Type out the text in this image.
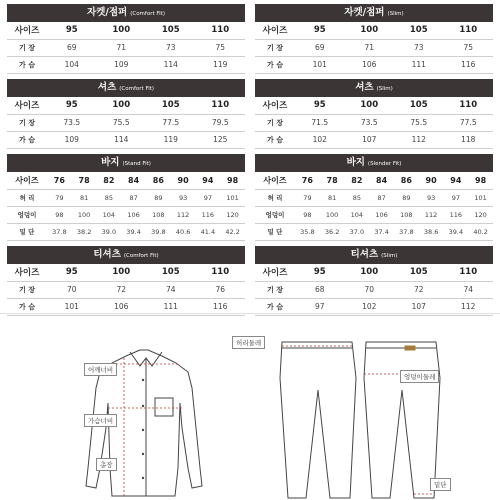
자켓/점퍼 (Comfort Fit)
사이즈	95	100	105	110
기 장	69	71	73	75
가 슴	104	109	114	119
셔츠 (Comfort Fit)
사이즈	95	100	105	110
기 장	73.5	75.5	77.5	79.5
가 슴	109	114	119	125
바지 (Stand Fit)
사이즈	76	78	82	84	86	90	94	98
허 리	79	81	85	87	89	93	97	101
엉덩이	98	100	104	106	108	112	116	120
밑 단	37.8	38.2	39.0	39.4	39.8	40.6	41.4	42.2
티셔츠 (Comfort Fit)
사이즈	95	100	105	110
기 장	70	72	74	76
가 슴	101	106	111	116
자켓/점퍼 (Slim)
사이즈	95	100	105	110
기 장	69	71	73	75
가 슴	101	106	111	116
셔츠 (Slim)
사이즈	95	100	105	110
기 장	71.5	73.5	75.5	77.5
가 슴	102	107	112	118
바지 (Slender Fit)
사이즈	76	78	82	84	86	90	94	98
허 리	79	81	85	87	89	93	97	101
엉덩이	98	100	104	106	108	112	116	120
밑 단	35.8	36.2	37.0	37.4	37.8	38.6	39.4	40.2
티셔츠 (Slim)
사이즈	95	100	105	110
기 장	68	70	72	74
가 슴	97	102	107	112
어깨너비
가슴너비
총장
허리둘레
엉덩이둘레
밑단
